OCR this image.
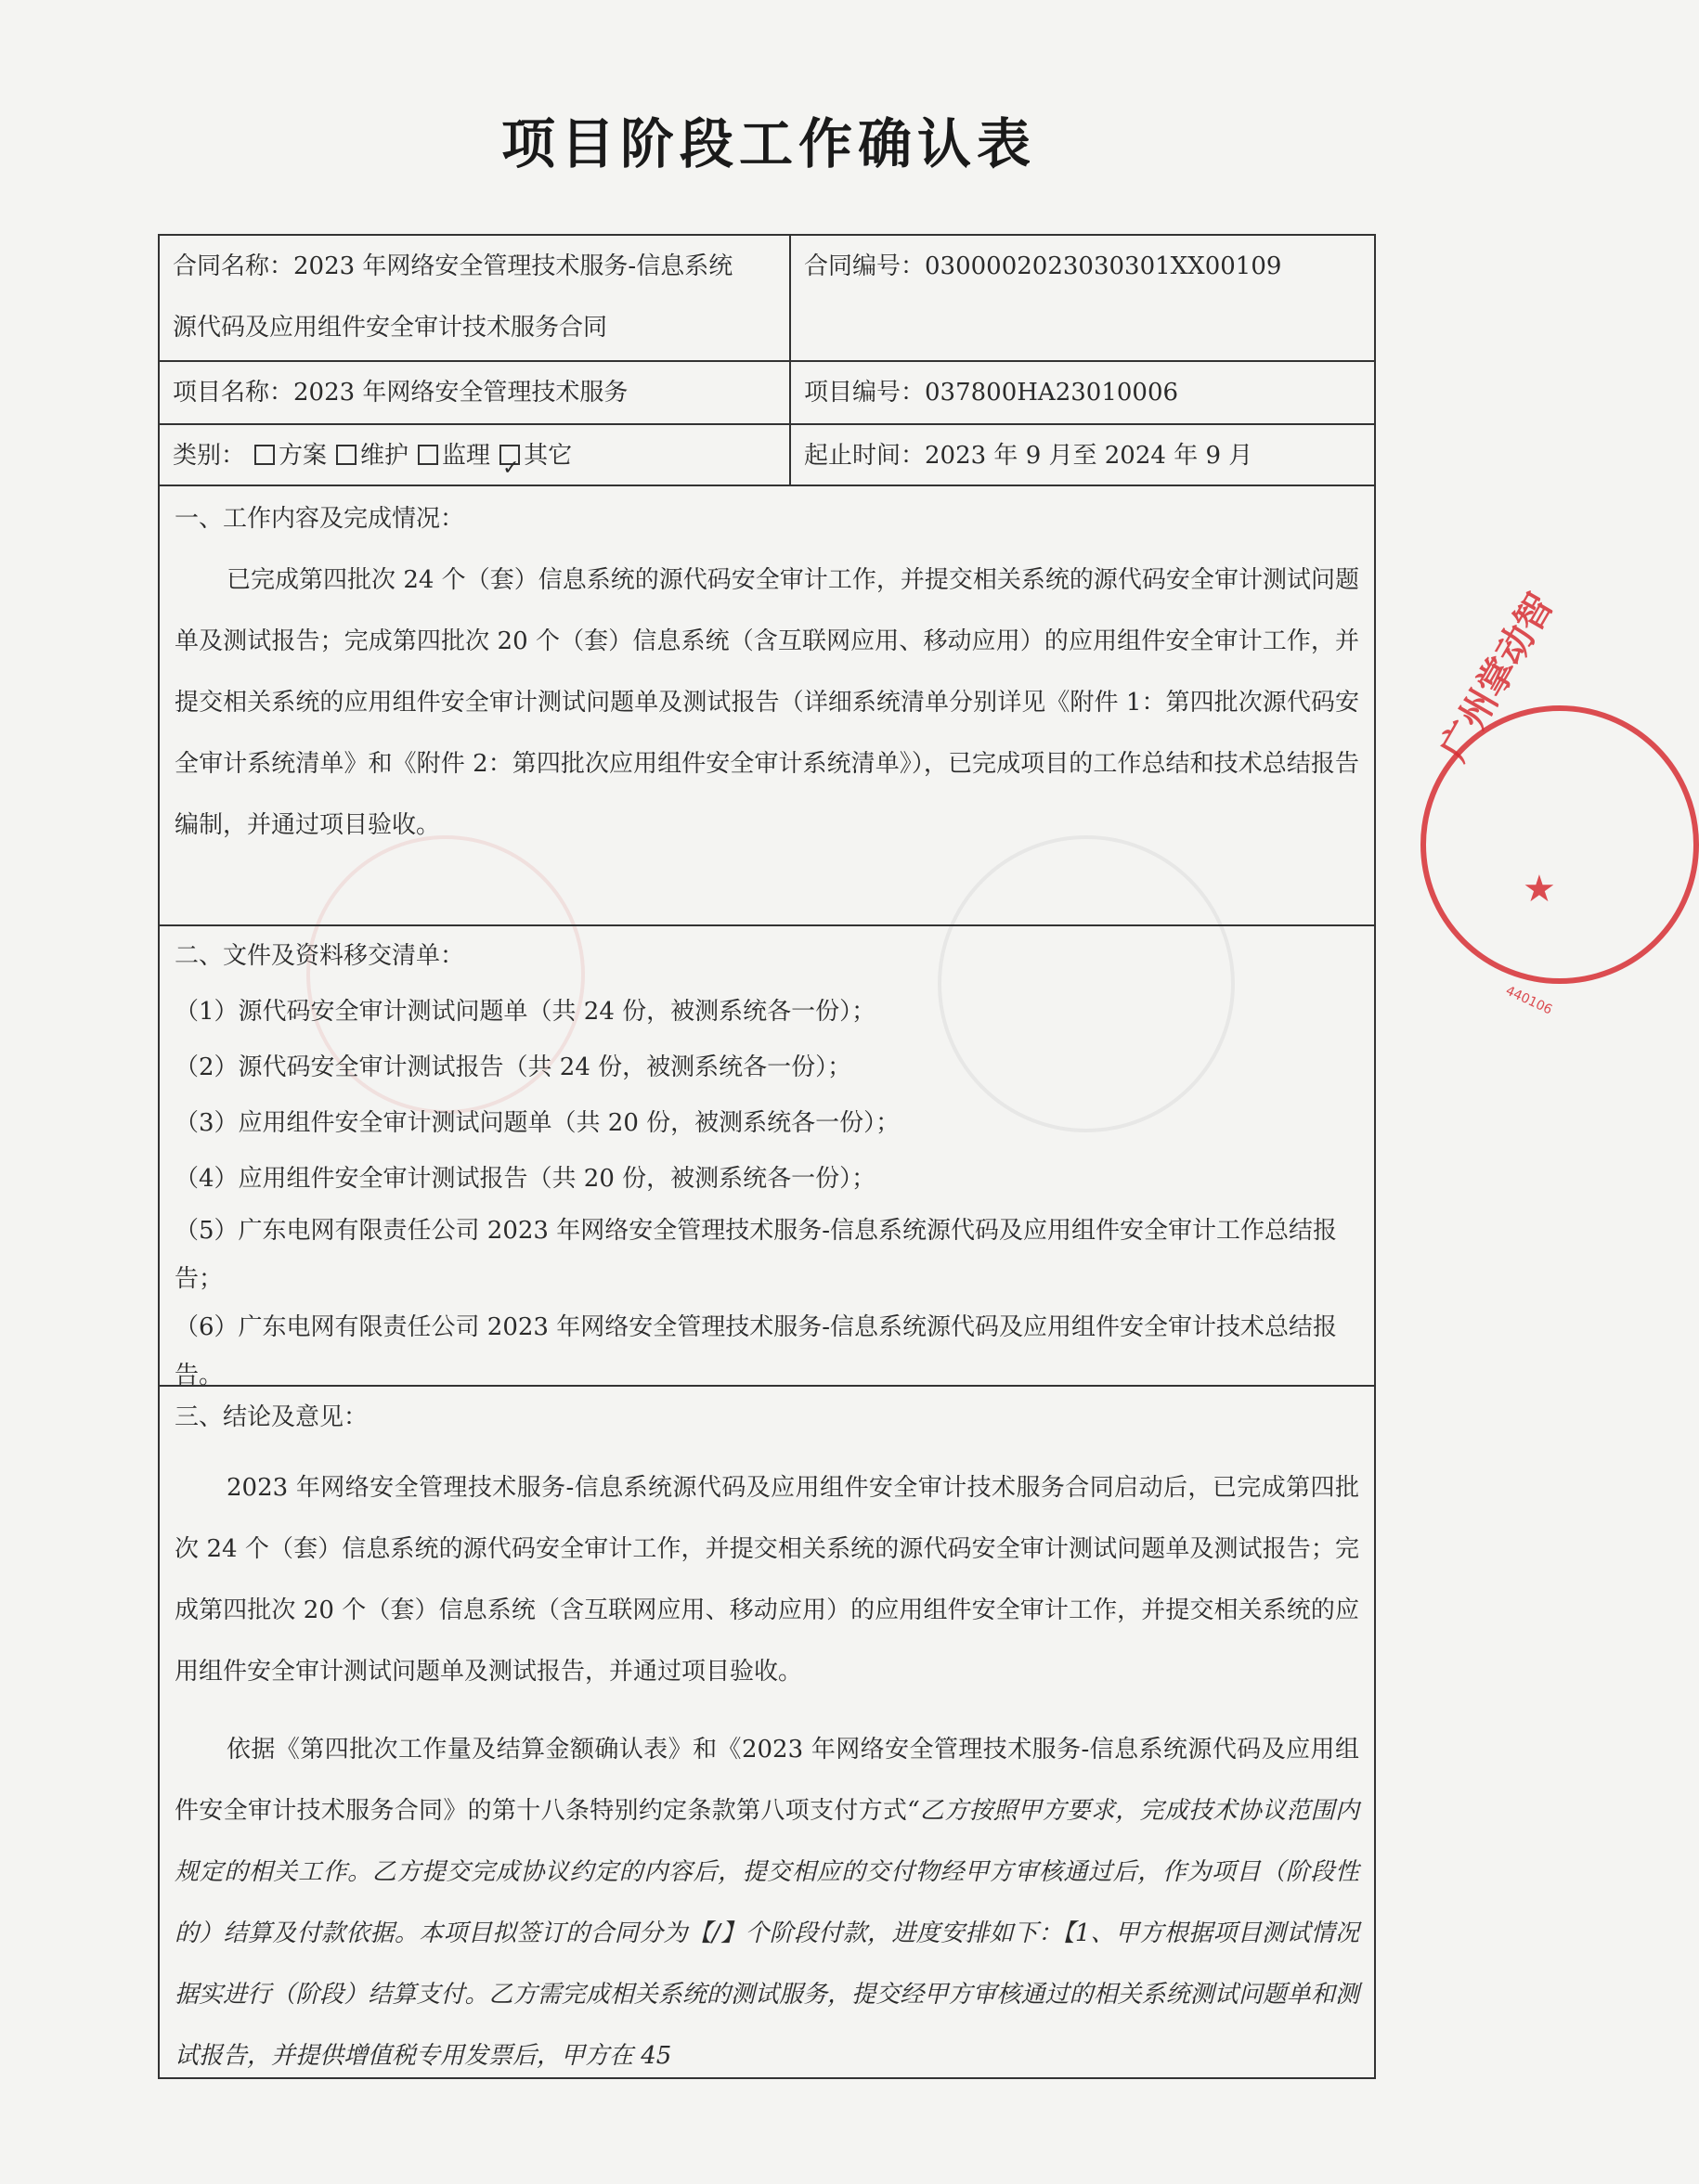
项目阶段工作确认表
合同名称：2023 年网络安全管理技术服务-信息系统
源代码及应用组件安全审计技术服务合同
合同编号：0300002023030301XX00109
项目名称：2023 年网络安全管理技术服务	项目编号：037800HA23010006
类别： 方案 维护 监理✓ 其它	起止时间：2023 年 9 月至 2024 年 9 月
一、工作内容及完成情况：
已完成第四批次 24 个（套）信息系统的源代码安全审计工作，并提交相关系统的源代码安全审计测试问题单及测试报告；完成第四批次 20 个（套）信息系统（含互联网应用、移动应用）的应用组件安全审计工作，并提交相关系统的应用组件安全审计测试问题单及测试报告（详细系统清单分别详见《附件 1：第四批次源代码安全审计系统清单》和《附件 2：第四批次应用组件安全审计系统清单》），已完成项目的工作总结和技术总结报告编制，并通过项目验收。
二、文件及资料移交清单：
（1）源代码安全审计测试问题单（共 24 份，被测系统各一份）；
（2）源代码安全审计测试报告（共 24 份，被测系统各一份）；
（3）应用组件安全审计测试问题单（共 20 份，被测系统各一份）；
（4）应用组件安全审计测试报告（共 20 份，被测系统各一份）；
（5）广东电网有限责任公司 2023 年网络安全管理技术服务-信息系统源代码及应用组件安全审计工作总结报告；
（6）广东电网有限责任公司 2023 年网络安全管理技术服务-信息系统源代码及应用组件安全审计技术总结报告。
三、结论及意见：
2023 年网络安全管理技术服务-信息系统源代码及应用组件安全审计技术服务合同启动后，已完成第四批次 24 个（套）信息系统的源代码安全审计工作，并提交相关系统的源代码安全审计测试问题单及测试报告；完成第四批次 20 个（套）信息系统（含互联网应用、移动应用）的应用组件安全审计工作，并提交相关系统的应用组件安全审计测试问题单及测试报告，并通过项目验收。
依据《第四批次工作量及结算金额确认表》和《2023 年网络安全管理技术服务-信息系统源代码及应用组件安全审计技术服务合同》的第十八条特别约定条款第八项支付方式“乙方按照甲方要求，完成技术协议范围内规定的相关工作。乙方提交完成协议约定的内容后，提交相应的交付物经甲方审核通过后，作为项目（阶段性的）结算及付款依据。本项目拟签订的合同分为【/】个阶段付款，进度安排如下：【1、甲方根据项目测试情况据实进行（阶段）结算支付。乙方需完成相关系统的测试服务，提交经甲方审核通过的相关系统测试问题单和测试报告，并提供增值税专用发票后，甲方在 45
广州掌动智
★
440106
